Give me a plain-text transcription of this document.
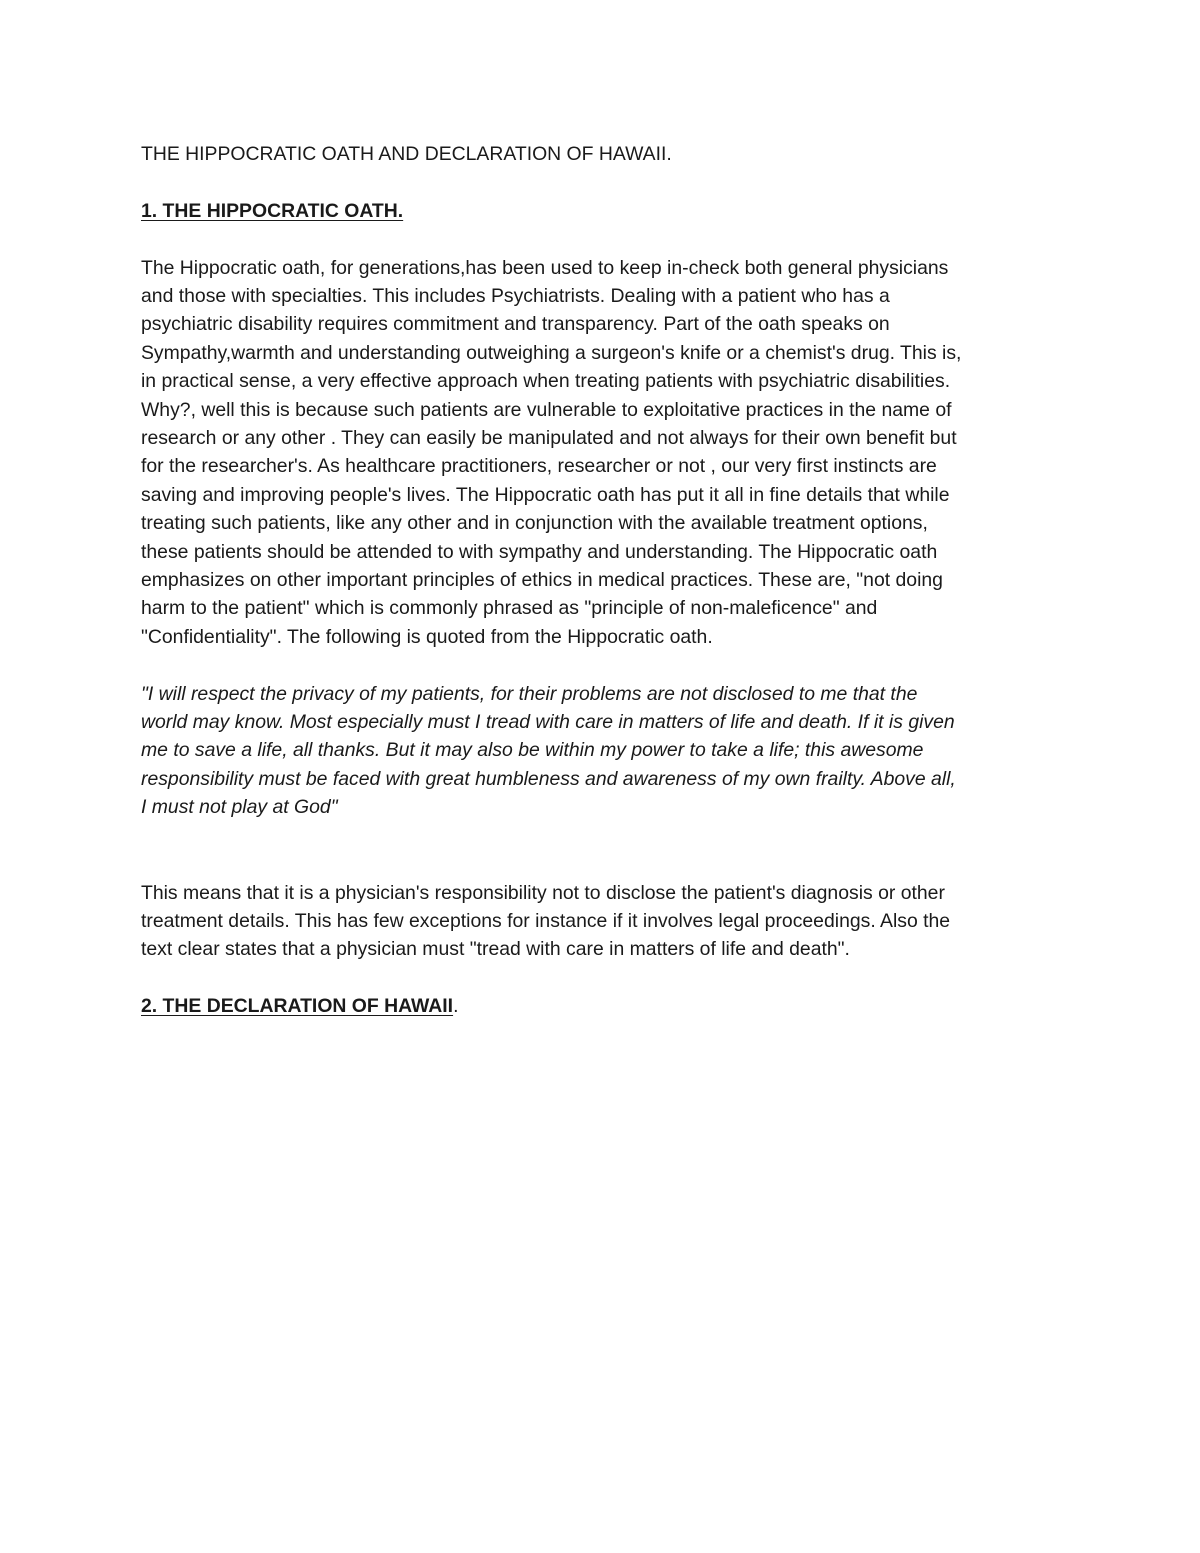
THE HIPPOCRATIC OATH AND DECLARATION OF HAWAII.

1. THE HIPPOCRATIC OATH.

The Hippocratic oath, for generations,has been used to keep in-check both general physicians
and those with specialties. This includes Psychiatrists. Dealing with a patient who has a
psychiatric disability requires commitment and transparency. Part of the oath speaks on
Sympathy,warmth and understanding outweighing a surgeon's knife or a chemist's drug. This is,
in practical sense, a very effective approach when treating patients with psychiatric disabilities.
Why?, well this is because such patients are vulnerable to exploitative practices in the name of
research or any other . They can easily be manipulated and not always for their own benefit but
for the researcher's. As healthcare practitioners, researcher or not , our very first instincts are
saving and improving people's lives. The Hippocratic oath has put it all in fine details that while
treating such patients, like any other and in conjunction with the available treatment options,
these patients should be attended to with sympathy and understanding. The Hippocratic oath
emphasizes on other important principles of ethics in medical practices. These are, "not doing
harm to the patient" which is commonly phrased as "principle of non-maleficence" and
"Confidentiality". The following is quoted from the Hippocratic oath.

"I will respect the privacy of my patients, for their problems are not disclosed to me that the
world may know. Most especially must I tread with care in matters of life and death. If it is given
me to save a life, all thanks. But it may also be within my power to take a life; this awesome
responsibility must be faced with great humbleness and awareness of my own frailty. Above all,
I must not play at God"

This means that it is a physician's responsibility not to disclose the patient's diagnosis or other
treatment details. This has few exceptions for instance if it involves legal proceedings. Also the
text clear states that a physician must "tread with care in matters of life and death".

2. THE DECLARATION OF HAWAII.
